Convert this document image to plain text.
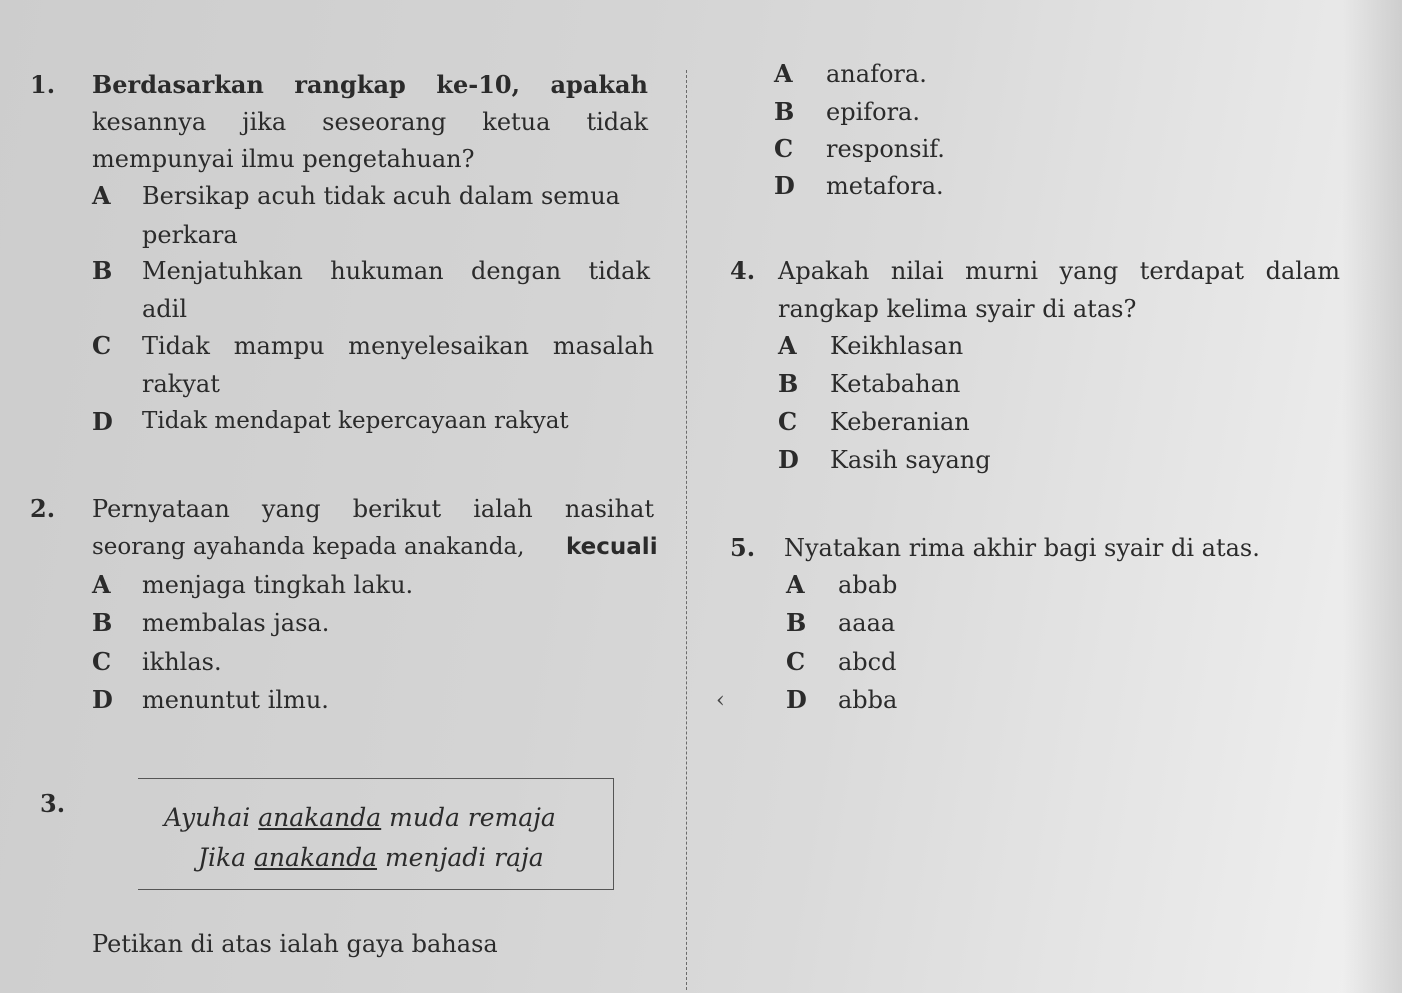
1. Berdasarkan rangkap ke-10, apakah
kesannya jika seseorang ketua tidak
mempunyai ilmu pengetahuan?
A Bersikap acuh tidak acuh dalam semua
perkara
B Menjatuhkan hukuman dengan tidak
adil
C Tidak mampu menyelesaikan masalah
rakyat
D Tidak mendapat kepercayaan rakyat
2. Pernyataan yang berikut ialah nasihat
seorang ayahanda kepada anakanda, kecuali
A menjaga tingkah laku.
B membalas jasa.
C ikhlas.
D menuntut ilmu.
3.	Ayuhai anakanda muda remaja
Jika anakanda menjadi raja
Petikan di atas ialah gaya bahasa
A anafora.
B epifora.
C responsif.
D metafora.
4. Apakah nilai murni yang terdapat dalam
rangkap kelima syair di atas?
A Keikhlasan
B Ketabahan
C Keberanian
D Kasih sayang
5. Nyatakan rima akhir bagi syair di atas.
A abab
B aaaa
C abcd
D abba
‹
